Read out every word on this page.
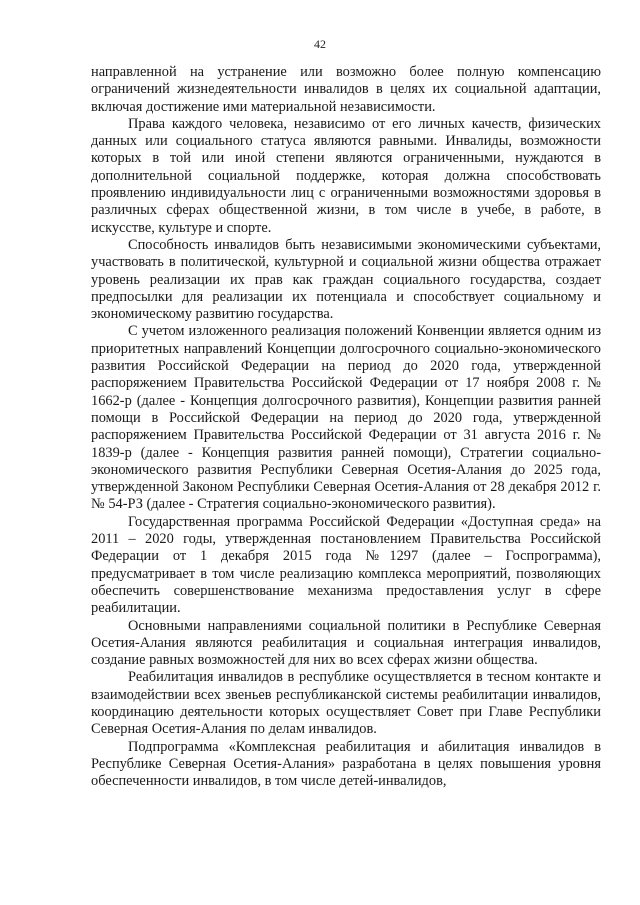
42

направленной на устранение или возможно более полную компенсацию ограничений жизнедеятельности инвалидов в целях их социальной адаптации, включая достижение ими материальной независимости.

Права каждого человека, независимо от его личных качеств, физических данных или социального статуса являются равными. Инвалиды, возможности которых в той или иной степени являются ограниченными, нуждаются в дополнительной социальной поддержке, которая должна способствовать проявлению индивидуальности лиц с ограниченными возможностями здоровья в различных сферах общественной жизни, в том числе в учебе, в работе, в искусстве, культуре и спорте.

Способность инвалидов быть независимыми экономическими субъектами, участвовать в политической, культурной и социальной жизни общества отражает уровень реализации их прав как граждан социального государства, создает предпосылки для реализации их потенциала и способствует социальному и экономическому развитию государства.

С учетом изложенного реализация положений Конвенции является одним из приоритетных направлений Концепции долгосрочного социально-экономического развития Российской Федерации на период до 2020 года, утвержденной распоряжением Правительства Российской Федерации от 17 ноября 2008 г. № 1662-р (далее - Концепция долгосрочного развития), Концепции развития ранней помощи в Российской Федерации на период до 2020 года, утвержденной распоряжением Правительства Российской Федерации от 31 августа 2016 г. № 1839-р (далее - Концепция развития ранней помощи), Стратегии социально-экономического развития Республики Северная Осетия-Алания до 2025 года, утвержденной Законом Республики Северная Осетия-Алания от 28 декабря 2012 г. № 54-РЗ (далее - Стратегия социально-экономического развития).

Государственная программа Российской Федерации «Доступная среда» на 2011 – 2020 годы, утвержденная постановлением Правительства Российской Федерации от 1 декабря 2015 года №1297 (далее – Госпрограмма), предусматривает в том числе реализацию комплекса мероприятий, позволяющих обеспечить совершенствование механизма предоставления услуг в сфере реабилитации.

Основными направлениями социальной политики в Республике Северная Осетия-Алания являются реабилитация и социальная интеграция инвалидов, создание равных возможностей для них во всех сферах жизни общества.

Реабилитация инвалидов в республике осуществляется в тесном контакте и взаимодействии всех звеньев республиканской системы реабилитации инвалидов, координацию деятельности которых осуществляет Совет при Главе Республики Северная Осетия-Алания по делам инвалидов.

Подпрограмма «Комплексная реабилитация и абилитация инвалидов в Республике Северная Осетия-Алания» разработана в целях повышения уровня обеспеченности инвалидов, в том числе детей-инвалидов,
